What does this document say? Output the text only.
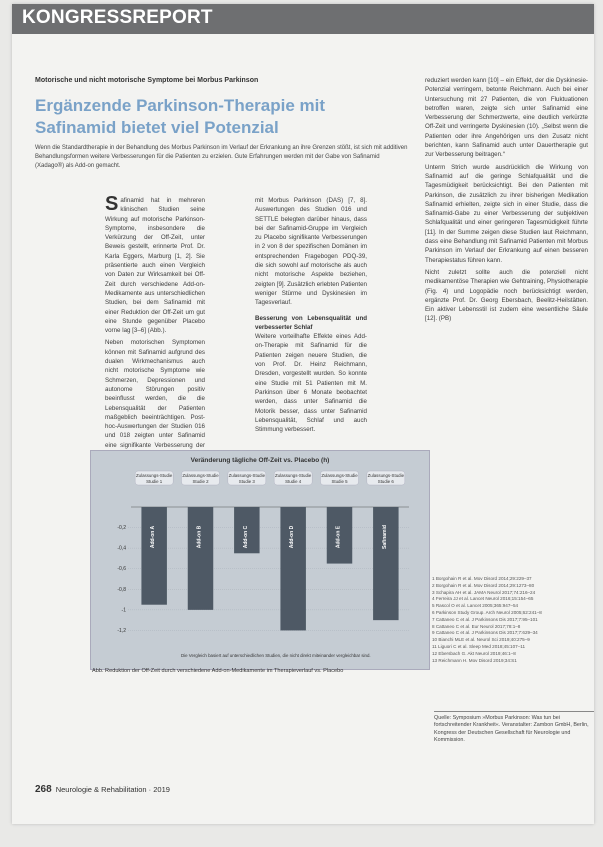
KONGRESSREPORT
Motorische und nicht motorische Symptome bei Morbus Parkinson
Ergänzende Parkinson-Therapie mit
Safinamid bietet viel Potenzial
Wenn die Standardtherapie in der Behandlung des Morbus Parkinson im Verlauf der Erkrankung an ihre Grenzen stößt, ist sich mit additiven Behandlungsformen weitere Verbesserungen für die Patienten zu erzielen. Gute Erfahrungen werden mit der Gabe von Safinamid (Xadago®) als Add-on gemacht.

Safinamid hat in mehreren klinischen Studien seine Wirkung auf motorische Parkinson-Symptome, insbesondere die Verkürzung der Off-Zeit, unter Beweis gestellt, erinnerte Prof. Dr. Karla Eggers, Marburg [1, 2]. Sie präsentierte auch einen Vergleich von Daten zur Wirksamkeit bei Off-Zeit durch verschiedene Add-on-Medikamente aus unterschiedlichen Studien, bei dem Safinamid mit einer Reduktion der Off-Zeit um gut eine Stunde gegenüber Placebo vorne lag [3–6] (Abb.).

Neben motorischen Symptomen können mit Safinamid aufgrund des dualen Wirkmechanismus auch nicht motorische Symptome wie Schmerzen, Depressionen und autonome Störungen positiv beeinflusst werden, die die Lebensqualität der Patienten maßgeblich beeinträchtigen. Post-hoc-Auswertungen der Studien 016 und 018 zeigten unter Safinamid eine signifikante Verbesserung der

mit Morbus Parkinson (DAS) [7, 8]. Auswertungen des Studien 016 und SETTLE belegten darüber hinaus, dass bei der Safinamid-Gruppe im Vergleich zu Placebo signifikante Verbesserungen in 2 von 8 der spezifischen Domänen im entsprechenden Fragebogen PDQ-39, die sich sowohl auf motorische als auch nicht motorische Aspekte beziehen, zeigten [9]. Zusätzlich erlebten Patienten weniger Stürme und Dyskinesien im Tagesverlauf.

Besserung von Lebensqualität und verbesserter Schlaf

Weitere vorteilhafte Effekte eines Add-on-Therapie mit Safinamid für die Patienten zeigen neuere Studien, die von Prof. Dr. Heinz Reichmann, Dresden, vorgestellt wurden. So konnte eine Studie mit 51 Patienten mit M. Parkinson über 6 Monate beobachtet werden, dass unter Safinamid die Motorik besser, dass unter Safinamid Lebensqualität, Schlaf und auch Stimmung verbessert.

reduziert werden kann [10] – ein Effekt, der die Dyskinesie-Potenzial verringern, betonte Reichmann. Auch bei einer Untersuchung mit 27 Patienten, die von Fluktuationen betroffen waren, zeigte sich unter Safinamid eine Verbesserung der Schmerzwerte, eine deutlich verkürzte Off-Zeit und verringerte Dyskinesien (10). „Selbst wenn die Patienten oder ihre Angehörigen uns den Zusatz nicht berichten, kann Safinamid auch unter Dauertherapie gut zur Verbesserung beitragen.“

Unterm Strich wurde ausdrücklich die Wirkung von Safinamid auf die geringe Schlafqualität und die Tagesmüdigkeit berücksichtigt. Bei den Patienten mit Parkinson, die zusätzlich zu ihrer bisherigen Medikation Safinamid erhielten, zeigte sich in einer Studie, dass die Safinamid-Gabe zu einer Verbesserung der subjektiven Schlafqualität und einer geringeren Tagesmüdigkeit führte [11]. In der Summe zeigen diese Studien laut Reichmann, dass eine Behandlung mit Safinamid Patienten mit Morbus Parkinson im Verlauf der Erkrankung auf einen besseren Therapiestatus führen kann.

Nicht zuletzt sollte auch die potenziell nicht medikamentöse Therapien wie Gehtraining, Physiotherapie (Fig. 4) und Logopädie noch berücksichtigt werden, ergänzte Prof. Dr. Georg Ebersbach, Beelitz-Heilstätten. Ein aktiver Lebensstil ist zudem eine wesentliche Säule [12]. (PB)

Veränderung tägliche Off-Zeit vs. Placebo (h)
-0,2
-0,4
-0,6
-0,8
-1
-1,2
Zulassungs-Studie
Studie 1
Add-on A
Zulassungs-Studie
Studie 2
Add-on B
Zulassungs-Studie
Studie 3
Add-on C
Zulassungs-Studie
Studie 4
Add-on D
Zulassungs-Studie
Studie 5
Add-on E
Zulassungs-Studie
Studie 6
Safinamid
Die Vergleich basiert auf unterschiedlichen Studien, die nicht direkt miteinander vergleichbar sind.
Abb. Reduktion der Off-Zeit durch verschiedene Add-on-Medikamente im Therapieverlauf vs. Placebo
1 Borgohain R et al. Mov Disord 2014;29:229–37
2 Borgohain R et al. Mov Disord 2014;29:1273–80
3 Schapira AH et al. JAMA Neurol 2017;74:216–24
4 Ferreira JJ et al. Lancet Neurol 2016;15:154–65
5 Rascol O et al. Lancet 2005;365:947–54
6 Parkinson Study Group. Arch Neurol 2005;62:241–8
7 Cattaneo C et al. J Parkinsons Dis 2017;7:95–101
8 Cattaneo C et al. Eur Neurol 2017;78:1–8
9 Cattaneo C et al. J Parkinsons Dis 2017;7:629–34
10 Bianchi MLE et al. Neurol Sci 2019;40:275–9
11 Liguori C et al. Sleep Med 2018;45:107–11
12 Ebersbach G. Akt Neurol 2019;46:1–8
13 Reichmann H. Mov Disord 2019;34:S1
Quelle: Symposium »Morbus Parkinson: Was tun bei fortschreitender Krankheit«. Veranstalter: Zambon GmbH, Berlin, Kongress der Deutschen Gesellschaft für Neurologie und Kommission.
268 Neurologie & Rehabilitation · 2019
